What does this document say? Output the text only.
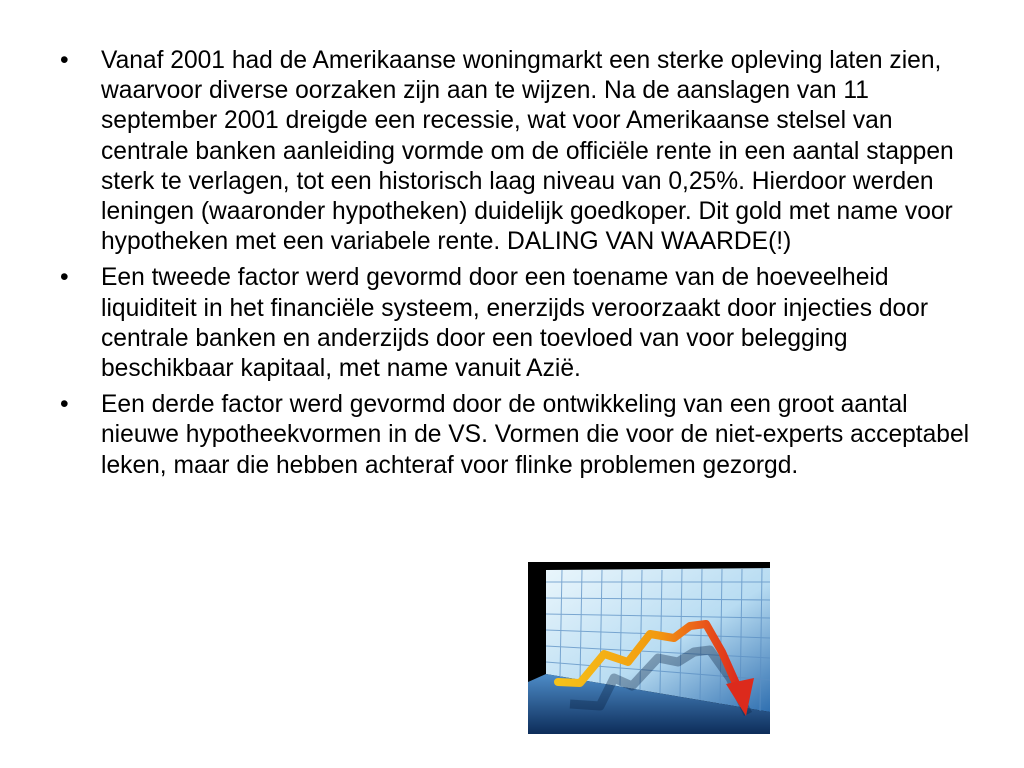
• Vanaf 2001 had de Amerikaanse woningmarkt een sterke opleving laten zien, waarvoor diverse oorzaken zijn aan te wijzen. Na de aanslagen van 11 september 2001 dreigde een recessie, wat voor Amerikaanse stelsel van centrale banken aanleiding vormde om de officiële rente in een aantal stappen sterk te verlagen, tot een historisch laag niveau van 0,25%. Hierdoor werden leningen (waaronder hypotheken) duidelijk goedkoper. Dit gold met name voor hypotheken met een variabele rente. DALING VAN WAARDE(!)
• Een tweede factor werd gevormd door een toename van de hoeveelheid liquiditeit in het financiële systeem, enerzijds veroorzaakt door injecties door centrale banken en anderzijds door een toevloed van voor belegging beschikbaar kapitaal, met name vanuit Azië.
• Een derde factor werd gevormd door de ontwikkeling van een groot aantal nieuwe hypotheekvormen in de VS. Vormen die voor de niet-experts acceptabel leken, maar die hebben achteraf voor flinke problemen gezorgd.
